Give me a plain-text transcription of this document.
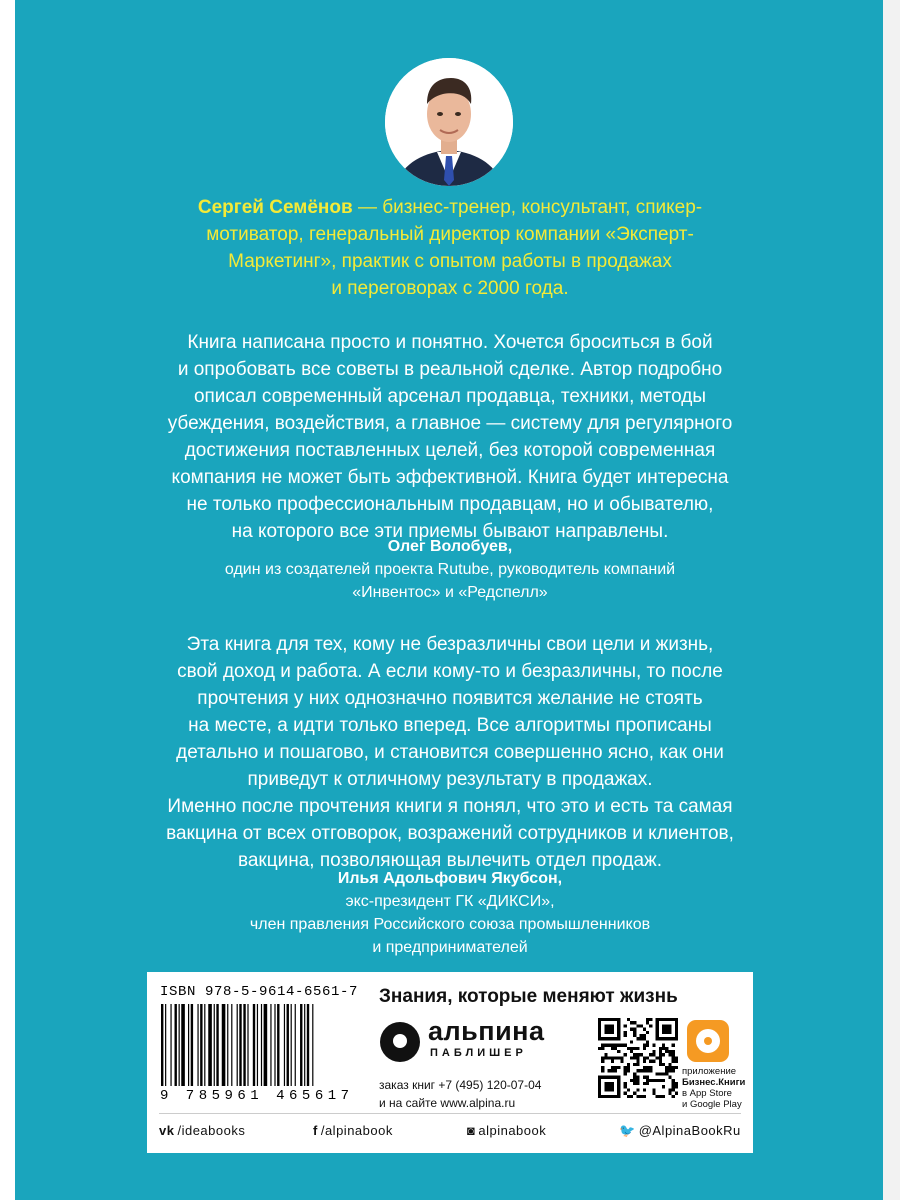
Сергей Семёнов — бизнес-тренер, консультант, спикер-
мотиватор, генеральный директор компании «Эксперт-
Маркетинг», практик с опытом работы в продажах
и переговорах с 2000 года.
Книга написана просто и понятно. Хочется броситься в бой
и опробовать все советы в реальной сделке. Автор подробно
описал современный арсенал продавца, техники, методы
убеждения, воздействия, а главное — систему для регулярного
достижения поставленных целей, без которой современная
компания не может быть эффективной. Книга будет интересна
не только профессиональным продавцам, но и обывателю,
на которого все эти приемы бывают направлены.
Олег Волобуев,
один из создателей проекта Rutube, руководитель компаний
«Инвентос» и «Редспелл»
Эта книга для тех, кому не безразличны свои цели и жизнь,
свой доход и работа. А если кому-то и безразличны, то после
прочтения у них однозначно появится желание не стоять
на месте, а идти только вперед. Все алгоритмы прописаны
детально и пошагово, и становится совершенно ясно, как они
приведут к отличному результату в продажах.
Именно после прочтения книги я понял, что это и есть та самая
вакцина от всех отговорок, возражений сотрудников и клиентов,
вакцина, позволяющая вылечить отдел продаж.
Илья Адольфович Якубсон,
экс-президент ГК «ДИКСИ»,
член правления Российского союза промышленников
и предпринимателей
ISBN 978-5-9614-6561-7
9 785961 465617
Знания, которые меняют жизнь
альпина
ПАБЛИШЕР
заказ книг +7 (495) 120-07-04
и на сайте www.alpina.ru
приложение
Бизнес.Книги
в App Store
и Google Play
vk /ideabooks	f /alpinabook	◙ alpinabook	🐦 @AlpinaBookRu
